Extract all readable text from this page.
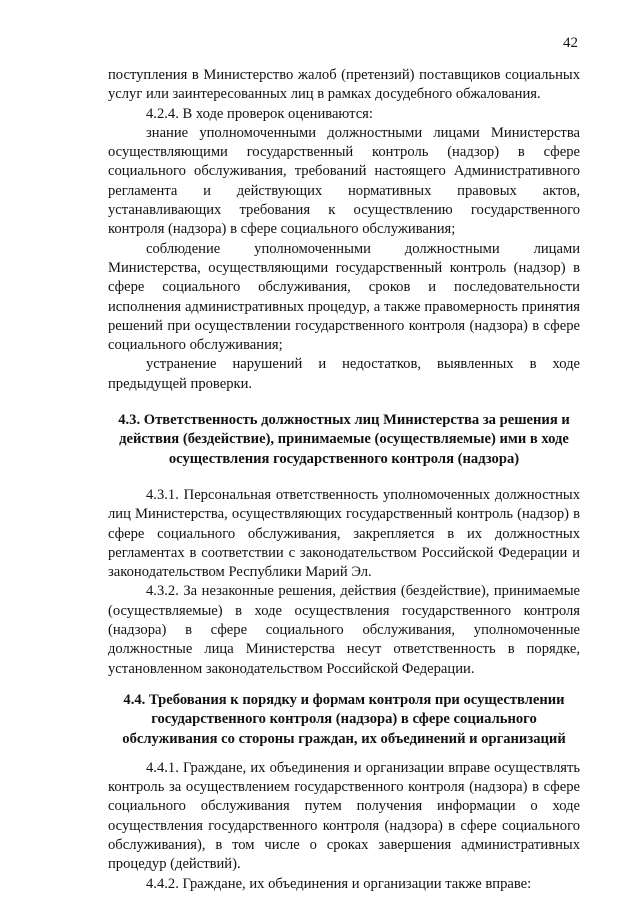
42

поступления в Министерство жалоб (претензий) поставщиков социальных услуг или заинтересованных лиц в рамках досудебного обжалования.

4.2.4. В ходе проверок оцениваются:

знание уполномоченными должностными лицами Министерства осуществляющими государственный контроль (надзор) в сфере социального обслуживания, требований настоящего Административного регламента и действующих нормативных правовых актов, устанавливающих требования к осуществлению государственного контроля (надзора) в сфере социального обслуживания;

соблюдение уполномоченными должностными лицами Министерства, осуществляющими государственный контроль (надзор) в сфере социального обслуживания, сроков и последовательности исполнения административных процедур, а также правомерность принятия решений при осуществлении государственного контроля (надзора) в сфере социального обслуживания;

устранение нарушений и недостатков, выявленных в ходе предыдущей проверки.

4.3. Ответственность должностных лиц Министерства за решения и действия (бездействие), принимаемые (осуществляемые) ими в ходе осуществления государственного контроля (надзора)

4.3.1. Персональная ответственность уполномоченных должностных лиц Министерства, осуществляющих государственный контроль (надзор) в сфере социального обслуживания, закрепляется в их должностных регламентах в соответствии с законодательством Российской Федерации и законодательством Республики Марий Эл.

4.3.2. За незаконные решения, действия (бездействие), принимаемые (осуществляемые) в ходе осуществления государственного контроля (надзора) в сфере социального обслуживания, уполномоченные должностные лица Министерства несут ответственность в порядке, установленном законодательством Российской Федерации.

4.4. Требования к порядку и формам контроля при осуществлении государственного контроля (надзора) в сфере социального обслуживания со стороны граждан, их объединений и организаций

4.4.1. Граждане, их объединения и организации вправе осуществлять контроль за осуществлением государственного контроля (надзора) в сфере социального обслуживания путем получения информации о ходе осуществления государственного контроля (надзора) в сфере социального обслуживания), в том числе о сроках завершения административных процедур (действий).

4.4.2. Граждане, их объединения и организации также вправе:
